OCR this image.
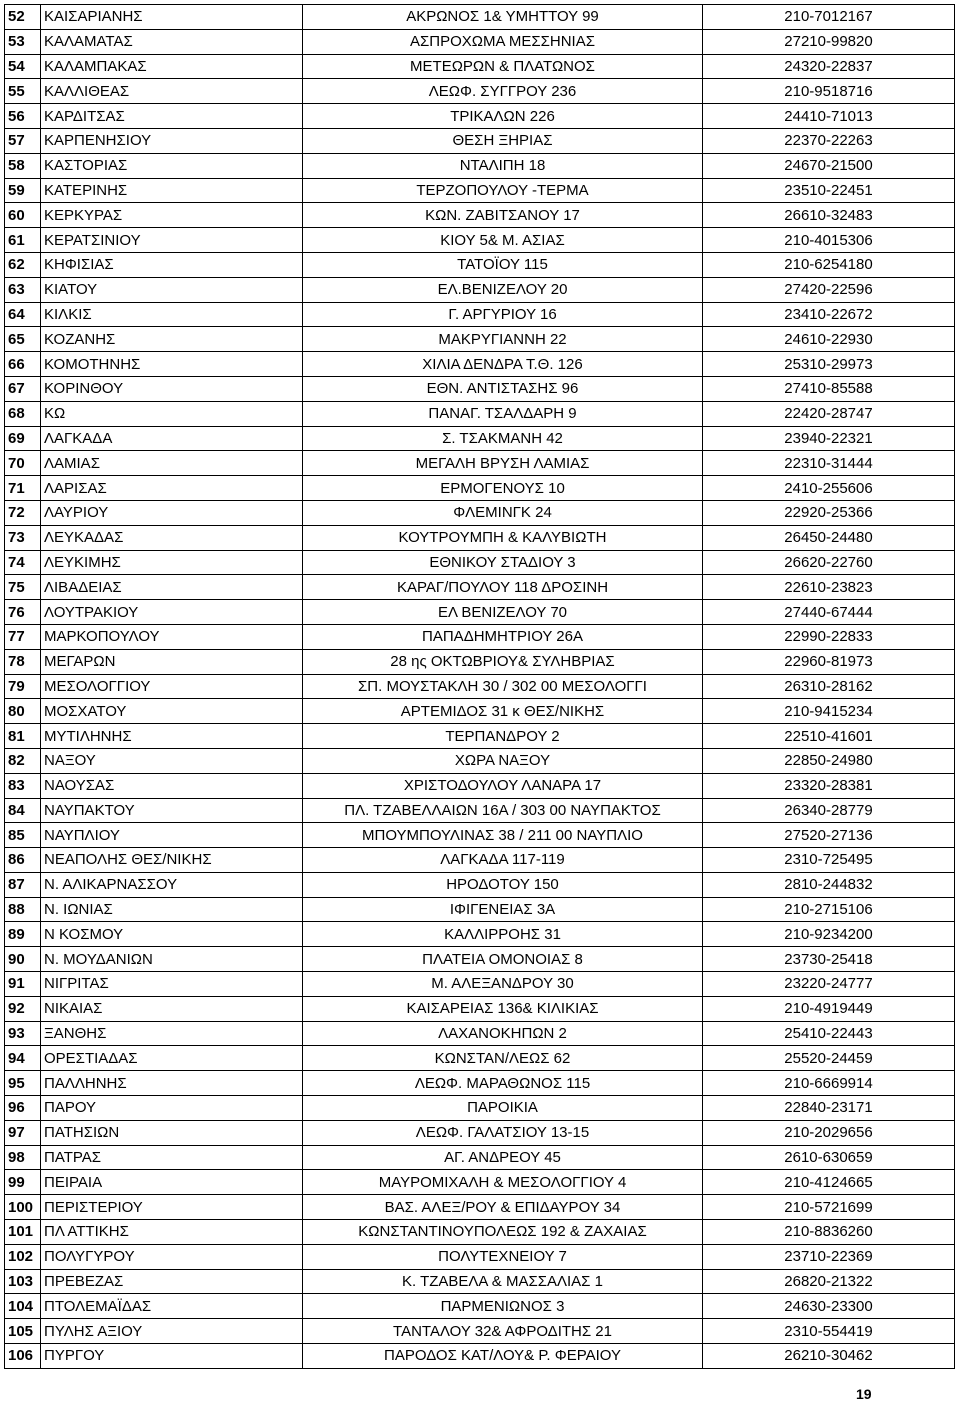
52	ΚΑΙΣΑΡΙΑΝΗΣ	ΑΚΡΩΝΟΣ 1& ΥΜΗΤΤΟΥ 99	210-7012167
53	ΚΑΛΑΜΑΤΑΣ	ΑΣΠΡΟΧΩΜΑ ΜΕΣΣΗΝΙΑΣ	27210-99820
54	ΚΑΛΑΜΠΑΚΑΣ	ΜΕΤΕΩΡΩΝ & ΠΛΑΤΩΝΟΣ	24320-22837
55	ΚΑΛΛΙΘΕΑΣ	ΛΕΩΦ. ΣΥΓΓΡΟΥ 236	210-9518716
56	ΚΑΡΔΙΤΣΑΣ	ΤΡΙΚΑΛΩΝ 226	24410-71013
57	ΚΑΡΠΕΝΗΣΙΟΥ	ΘΕΣΗ ΞΗΡΙΑΣ	22370-22263
58	ΚΑΣΤΟΡΙΑΣ	ΝΤΑΛΙΠΗ 18	24670-21500
59	ΚΑΤΕΡΙΝΗΣ	ΤΕΡΖΟΠΟΥΛΟΥ -ΤΕΡΜΑ	23510-22451
60	ΚΕΡΚΥΡΑΣ	ΚΩΝ. ΖΑΒΙΤΣΑΝΟΥ 17	26610-32483
61	ΚΕΡΑΤΣΙΝΙΟΥ	ΚΙΟΥ 5& Μ. ΑΣΙΑΣ	210-4015306
62	ΚΗΦΙΣΙΑΣ	ΤΑΤΟΪΟΥ 115	210-6254180
63	ΚΙΑΤΟΥ	ΕΛ.ΒΕΝΙΖΕΛΟΥ 20	27420-22596
64	ΚΙΛΚΙΣ	Γ. ΑΡΓΥΡΙΟΥ 16	23410-22672
65	ΚΟΖΑΝΗΣ	ΜΑΚΡΥΓΙΑΝΝΗ 22	24610-22930
66	ΚΟΜΟΤΗΝΗΣ	ΧΙΛΙΑ ΔΕΝΔΡΑ Τ.Θ. 126	25310-29973
67	ΚΟΡΙΝΘΟΥ	ΕΘΝ. ΑΝΤΙΣΤΑΣΗΣ 96	27410-85588
68	ΚΩ	ΠΑΝΑΓ. ΤΣΑΛΔΑΡΗ 9	22420-28747
69	ΛΑΓΚΑΔΑ	Σ. ΤΣΑΚΜΑΝΗ 42	23940-22321
70	ΛΑΜΙΑΣ	ΜΕΓΑΛΗ ΒΡΥΣΗ ΛΑΜΙΑΣ	22310-31444
71	ΛΑΡΙΣΑΣ	ΕΡΜΟΓΕΝΟΥΣ 10	2410-255606
72	ΛΑΥΡΙΟΥ	ΦΛΕΜΙΝΓΚ 24	22920-25366
73	ΛΕΥΚΑΔΑΣ	ΚΟΥΤΡΟΥΜΠΗ & ΚΑΛΥΒΙΩΤΗ	26450-24480
74	ΛΕΥΚΙΜΗΣ	ΕΘΝΙΚΟΥ ΣΤΑΔΙΟΥ 3	26620-22760
75	ΛΙΒΑΔΕΙΑΣ	ΚΑΡΑΓ/ΠΟΥΛΟΥ 118 ΔΡΟΣΙΝΗ	22610-23823
76	ΛΟΥΤΡΑΚΙΟΥ	ΕΛ ΒΕΝΙΖΕΛΟΥ 70	27440-67444
77	ΜΑΡΚΟΠΟΥΛΟΥ	ΠΑΠΑΔΗΜΗΤΡΙΟΥ 26Α	22990-22833
78	ΜΕΓΑΡΩΝ	28 ης ΟΚΤΩΒΡΙΟΥ& ΣΥΛΗΒΡΙΑΣ	22960-81973
79	ΜΕΣΟΛΟΓΓΙΟΥ	ΣΠ. ΜΟΥΣΤΑΚΛΗ 30 / 302 00 ΜΕΣΟΛΟΓΓΙ	26310-28162
80	ΜΟΣΧΑΤΟΥ	ΑΡΤΕΜΙΔΟΣ 31 κ ΘΕΣ/ΝΙΚΗΣ	210-9415234
81	ΜΥΤΙΛΗΝΗΣ	ΤΕΡΠΑΝΔΡΟΥ 2	22510-41601
82	ΝΑΞΟΥ	ΧΩΡΑ ΝΑΞΟΥ	22850-24980
83	ΝΑΟΥΣΑΣ	ΧΡΙΣΤΟΔΟΥΛΟΥ ΛΑΝΑΡΑ 17	23320-28381
84	ΝΑΥΠΑΚΤΟΥ	ΠΛ. ΤΖΑΒΕΛΛΑΙΩΝ 16Α / 303 00 ΝΑΥΠΑΚΤΟΣ	26340-28779
85	ΝΑΥΠΛΙΟΥ	ΜΠΟΥΜΠΟΥΛΙΝΑΣ 38 / 211 00 ΝΑΥΠΛΙΟ	27520-27136
86	ΝΕΑΠΟΛΗΣ ΘΕΣ/ΝΙΚΗΣ	ΛΑΓΚΑΔΑ 117-119	2310-725495
87	Ν. ΑΛΙΚΑΡΝΑΣΣΟΥ	ΗΡΟΔΟΤΟΥ 150	2810-244832
88	Ν. ΙΩΝΙΑΣ	ΙΦΙΓΕΝΕΙΑΣ 3Α	210-2715106
89	Ν ΚΟΣΜΟΥ	ΚΑΛΛΙΡΡΟΗΣ 31	210-9234200
90	Ν. ΜΟΥΔΑΝΙΩΝ	ΠΛΑΤΕΙΑ ΟΜΟΝΟΙΑΣ 8	23730-25418
91	ΝΙΓΡΙΤΑΣ	Μ. ΑΛΕΞΑΝΔΡΟΥ 30	23220-24777
92	ΝΙΚΑΙΑΣ	ΚΑΙΣΑΡΕΙΑΣ 136& ΚΙΛΙΚΙΑΣ	210-4919449
93	ΞΑΝΘΗΣ	ΛΑΧΑΝΟΚΗΠΩΝ 2	25410-22443
94	ΟΡΕΣΤΙΑΔΑΣ	ΚΩΝΣΤΑΝ/ΛΕΩΣ 62	25520-24459
95	ΠΑΛΛΗΝΗΣ	ΛΕΩΦ. ΜΑΡΑΘΩΝΟΣ 115	210-6669914
96	ΠΑΡΟΥ	ΠΑΡΟΙΚΙΑ	22840-23171
97	ΠΑΤΗΣΙΩΝ	ΛΕΩΦ. ΓΑΛΑΤΣΙΟΥ 13-15	210-2029656
98	ΠΑΤΡΑΣ	ΑΓ. ΑΝΔΡΕΟΥ 45	2610-630659
99	ΠΕΙΡΑΙΑ	ΜΑΥΡΟΜΙΧΑΛΗ & ΜΕΣΟΛΟΓΓΙΟΥ 4	210-4124665
100	ΠΕΡΙΣΤΕΡΙΟΥ	ΒΑΣ. ΑΛΕΞ/ΡΟΥ & ΕΠΙΔΑΥΡΟΥ 34	210-5721699
101	ΠΛ ΑΤΤΙΚΗΣ	ΚΩΝΣΤΑΝΤΙΝΟΥΠΟΛΕΩΣ 192 & ΖΑΧΑΙΑΣ	210-8836260
102	ΠΟΛΥΓΥΡΟΥ	ΠΟΛΥΤΕΧΝΕΙΟΥ 7	23710-22369
103	ΠΡΕΒΕΖΑΣ	Κ. ΤΖΑΒΕΛΑ & ΜΑΣΣΑΛΙΑΣ 1	26820-21322
104	ΠΤΟΛΕΜΑΪΔΑΣ	ΠΑΡΜΕΝΙΩΝΟΣ 3	24630-23300
105	ΠΥΛΗΣ ΑΞΙΟΥ	ΤΑΝΤΑΛΟΥ 32& ΑΦΡΟΔΙΤΗΣ 21	2310-554419
106	ΠΥΡΓΟΥ	ΠΑΡΟΔΟΣ ΚΑΤ/ΛΟΥ& Ρ. ΦΕΡΑΙΟΥ	26210-30462
19
